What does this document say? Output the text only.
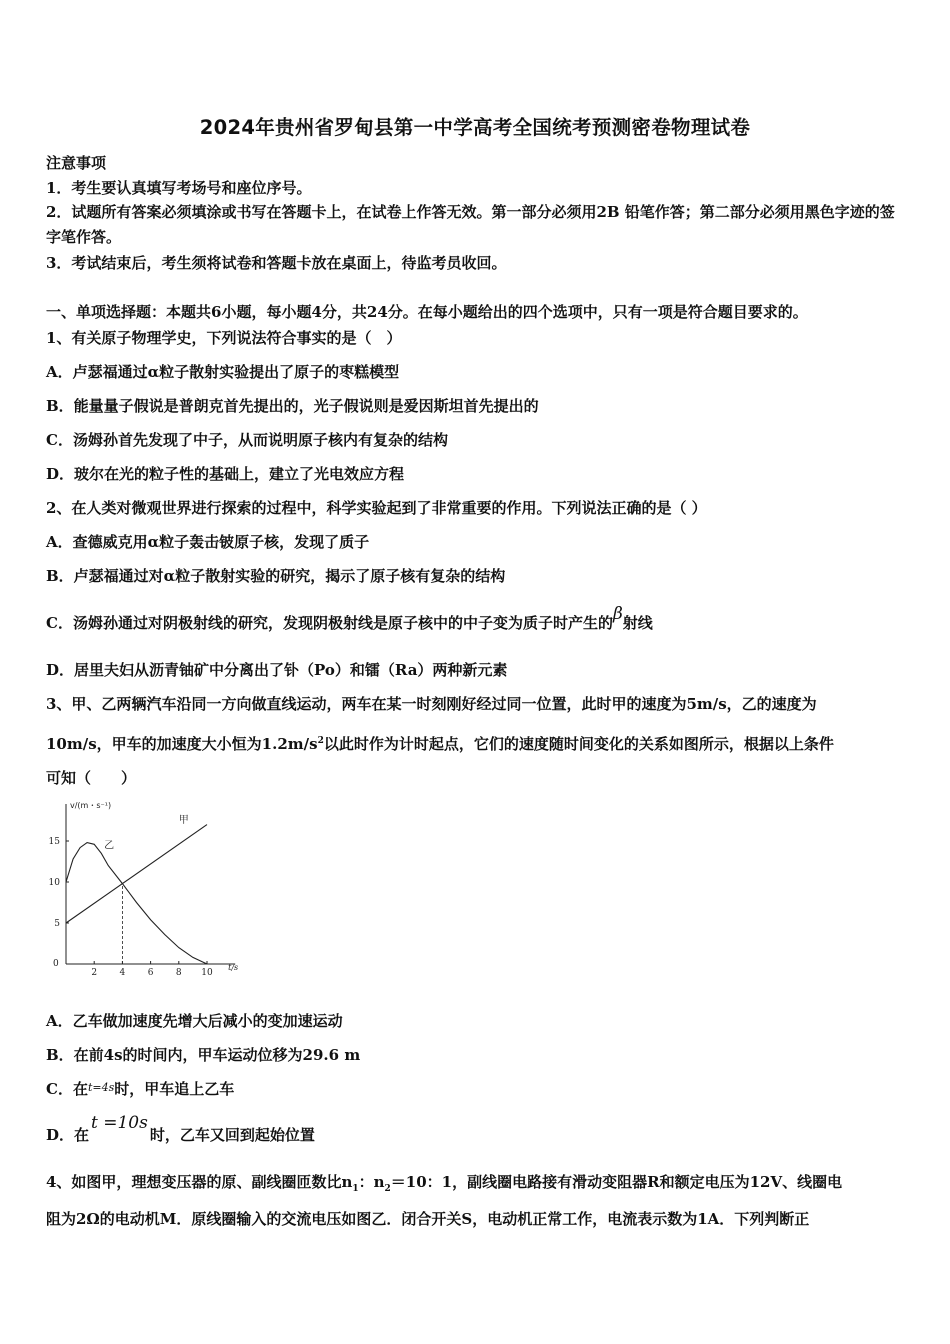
2024年贵州省罗甸县第一中学高考全国统考预测密卷物理试卷
注意事项
1．考生要认真填写考场号和座位序号。
2．试题所有答案必须填涂或书写在答题卡上，在试卷上作答无效。第一部分必须用2B 铅笔作答；第二部分必须用黑色字迹的签字笔作答。
3．考试结束后，考生须将试卷和答题卡放在桌面上，待监考员收回。
一、单项选择题：本题共6小题，每小题4分，共24分。在每小题给出的四个选项中，只有一项是符合题目要求的。
1、有关原子物理学史，下列说法符合事实的是（　）
A．卢瑟福通过α粒子散射实验提出了原子的枣糕模型
B．能量量子假说是普朗克首先提出的，光子假说则是爱因斯坦首先提出的
C．汤姆孙首先发现了中子，从而说明原子核内有复杂的结构
D．玻尔在光的粒子性的基础上，建立了光电效应方程
2、在人类对微观世界进行探索的过程中，科学实验起到了非常重要的作用。下列说法正确的是（ ）
A．查德威克用α粒子轰击铍原子核，发现了质子
B．卢瑟福通过对α粒子散射实验的研究，揭示了原子核有复杂的结构
C．汤姆孙通过对阴极射线的研究，发现阴极射线是原子核中的中子变为质子时产生的β射线
D．居里夫妇从沥青铀矿中分离出了钋（Po）和镭（Ra）两种新元素
3、甲、乙两辆汽车沿同一方向做直线运动，两车在某一时刻刚好经过同一位置，此时甲的速度为5m/s，乙的速度为
10m/s，甲车的加速度大小恒为$1.2m/s^2$以此时作为计时起点，它们的速度随时间变化的关系如图所示，根据以上条件
可知（　　）
v/(m・s⁻¹)
t/s
0
2 4 6 8 10
5
10
15
甲
乙
A．乙车做加速度先增大后减小的变加速运动
B．在前4s的时间内，甲车运动位移为29.6 m
C．在$^{t=4s}$时，甲车追上乙车
D．在t =10s时，乙车又回到起始位置
4、如图甲，理想变压器的原、副线圈匝数比$n_1$：$n_2=10$：1，副线圈电路接有滑动变阻器R和额定电压为12V、线圈电
阻为2Ω的电动机M．原线圈输入的交流电压如图乙．闭合开关S，电动机正常工作，电流表示数为1A．下列判断正
